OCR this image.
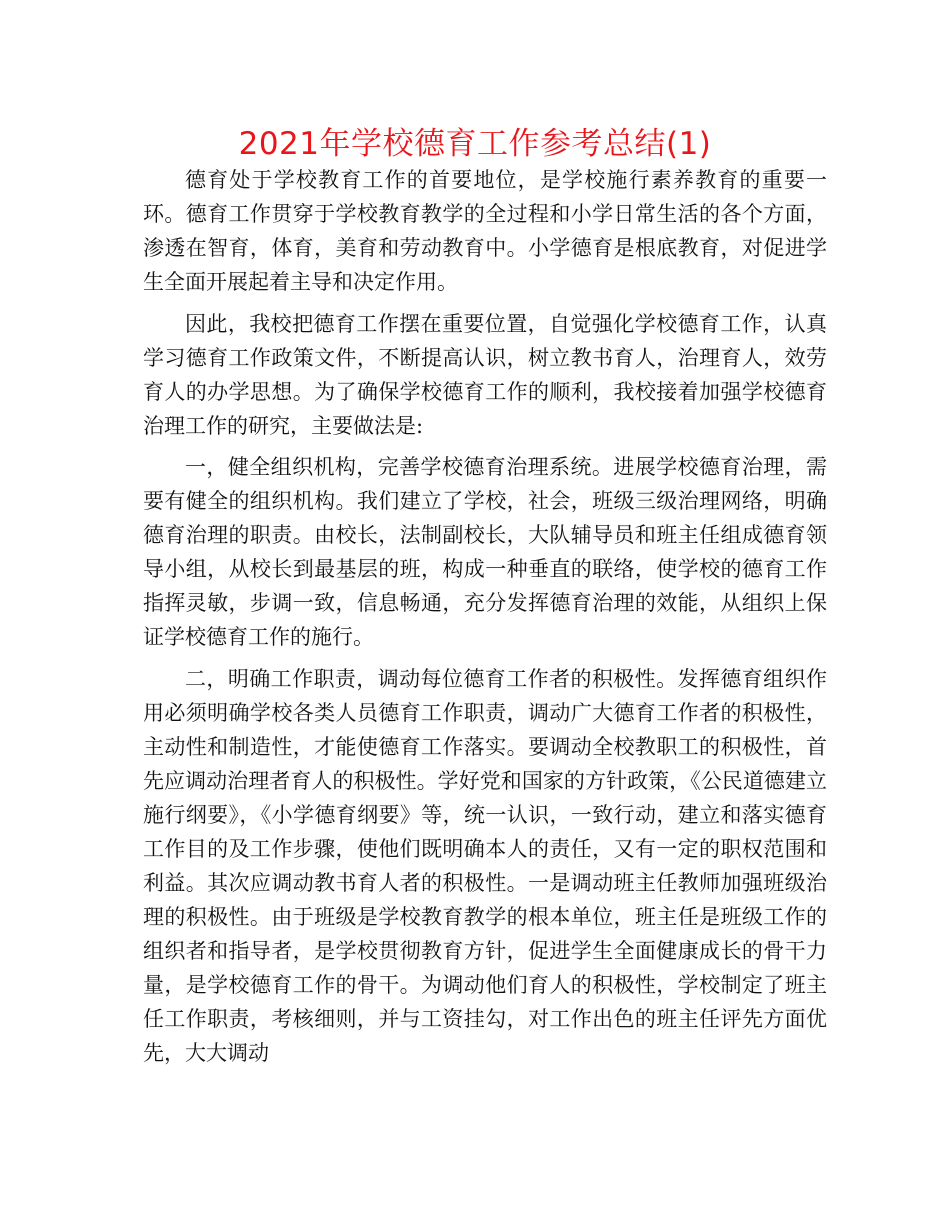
2021年学校德育工作参考总结(1)

德育处于学校教育工作的首要地位，是学校施行素养教育的重要一环。德育工作贯穿于学校教育教学的全过程和小学日常生活的各个方面，渗透在智育，体育，美育和劳动教育中。小学德育是根底教育，对促进学生全面开展起着主导和决定作用。

因此，我校把德育工作摆在重要位置，自觉强化学校德育工作，认真学习德育工作政策文件，不断提高认识，树立教书育人，治理育人，效劳育人的办学思想。为了确保学校德育工作的顺利，我校接着加强学校德育治理工作的研究，主要做法是:

一，健全组织机构，完善学校德育治理系统。进展学校德育治理，需要有健全的组织机构。我们建立了学校，社会，班级三级治理网络，明确德育治理的职责。由校长，法制副校长，大队辅导员和班主任组成德育领导小组，从校长到最基层的班，构成一种垂直的联络，使学校的德育工作指挥灵敏，步调一致，信息畅通，充分发挥德育治理的效能，从组织上保证学校德育工作的施行。

二，明确工作职责，调动每位德育工作者的积极性。发挥德育组织作用必须明确学校各类人员德育工作职责，调动广大德育工作者的积极性，主动性和制造性，才能使德育工作落实。要调动全校教职工的积极性，首先应调动治理者育人的积极性。学好党和国家的方针政策，《公民道德建立施行纲要》，《小学德育纲要》等，统一认识，一致行动，建立和落实德育工作目的及工作步骤，使他们既明确本人的责任，又有一定的职权范围和利益。其次应调动教书育人者的积极性。一是调动班主任教师加强班级治理的积极性。由于班级是学校教育教学的根本单位，班主任是班级工作的组织者和指导者，是学校贯彻教育方针，促进学生全面健康成长的骨干力量，是学校德育工作的骨干。为调动他们育人的积极性，学校制定了班主任工作职责，考核细则，并与工资挂勾，对工作出色的班主任评先方面优先，大大调动
